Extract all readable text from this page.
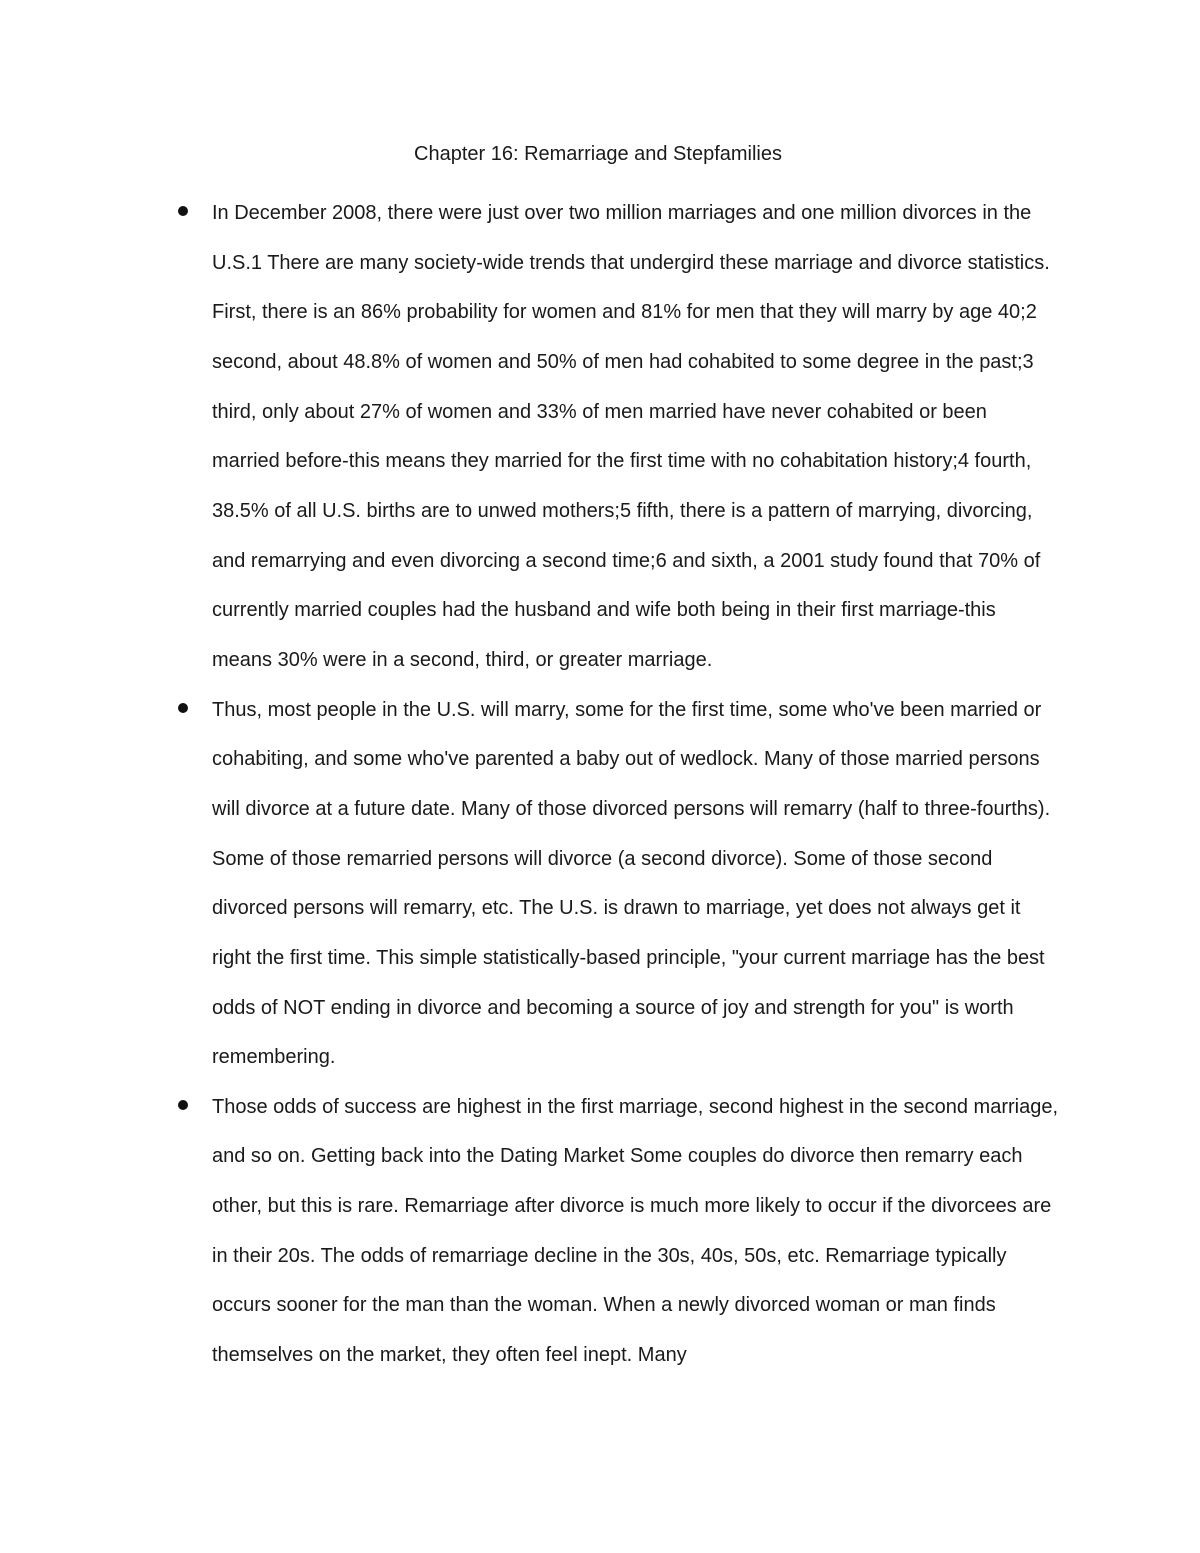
Chapter 16: Remarriage and Stepfamilies
In December 2008, there were just over two million marriages and one million divorces in the U.S.1 There are many society-wide trends that undergird these marriage and divorce statistics. First, there is an 86% probability for women and 81% for men that they will marry by age 40;2 second, about 48.8% of women and 50% of men had cohabited to some degree in the past;3 third, only about 27% of women and 33% of men married have never cohabited or been married before-this means they married for the first time with no cohabitation history;4 fourth, 38.5% of all U.S. births are to unwed mothers;5 fifth, there is a pattern of marrying, divorcing, and remarrying and even divorcing a second time;6 and sixth, a 2001 study found that 70% of currently married couples had the husband and wife both being in their first marriage-this means 30% were in a second, third, or greater marriage.
Thus, most people in the U.S. will marry, some for the first time, some who've been married or cohabiting, and some who've parented a baby out of wedlock. Many of those married persons will divorce at a future date. Many of those divorced persons will remarry (half to three-fourths). Some of those remarried persons will divorce (a second divorce). Some of those second divorced persons will remarry, etc. The U.S. is drawn to marriage, yet does not always get it right the first time. This simple statistically-based principle, "your current marriage has the best odds of NOT ending in divorce and becoming a source of joy and strength for you" is worth remembering.
Those odds of success are highest in the first marriage, second highest in the second marriage, and so on. Getting back into the Dating Market Some couples do divorce then remarry each other, but this is rare. Remarriage after divorce is much more likely to occur if the divorcees are in their 20s. The odds of remarriage decline in the 30s, 40s, 50s, etc. Remarriage typically occurs sooner for the man than the woman. When a newly divorced woman or man finds themselves on the market, they often feel inept. Many
